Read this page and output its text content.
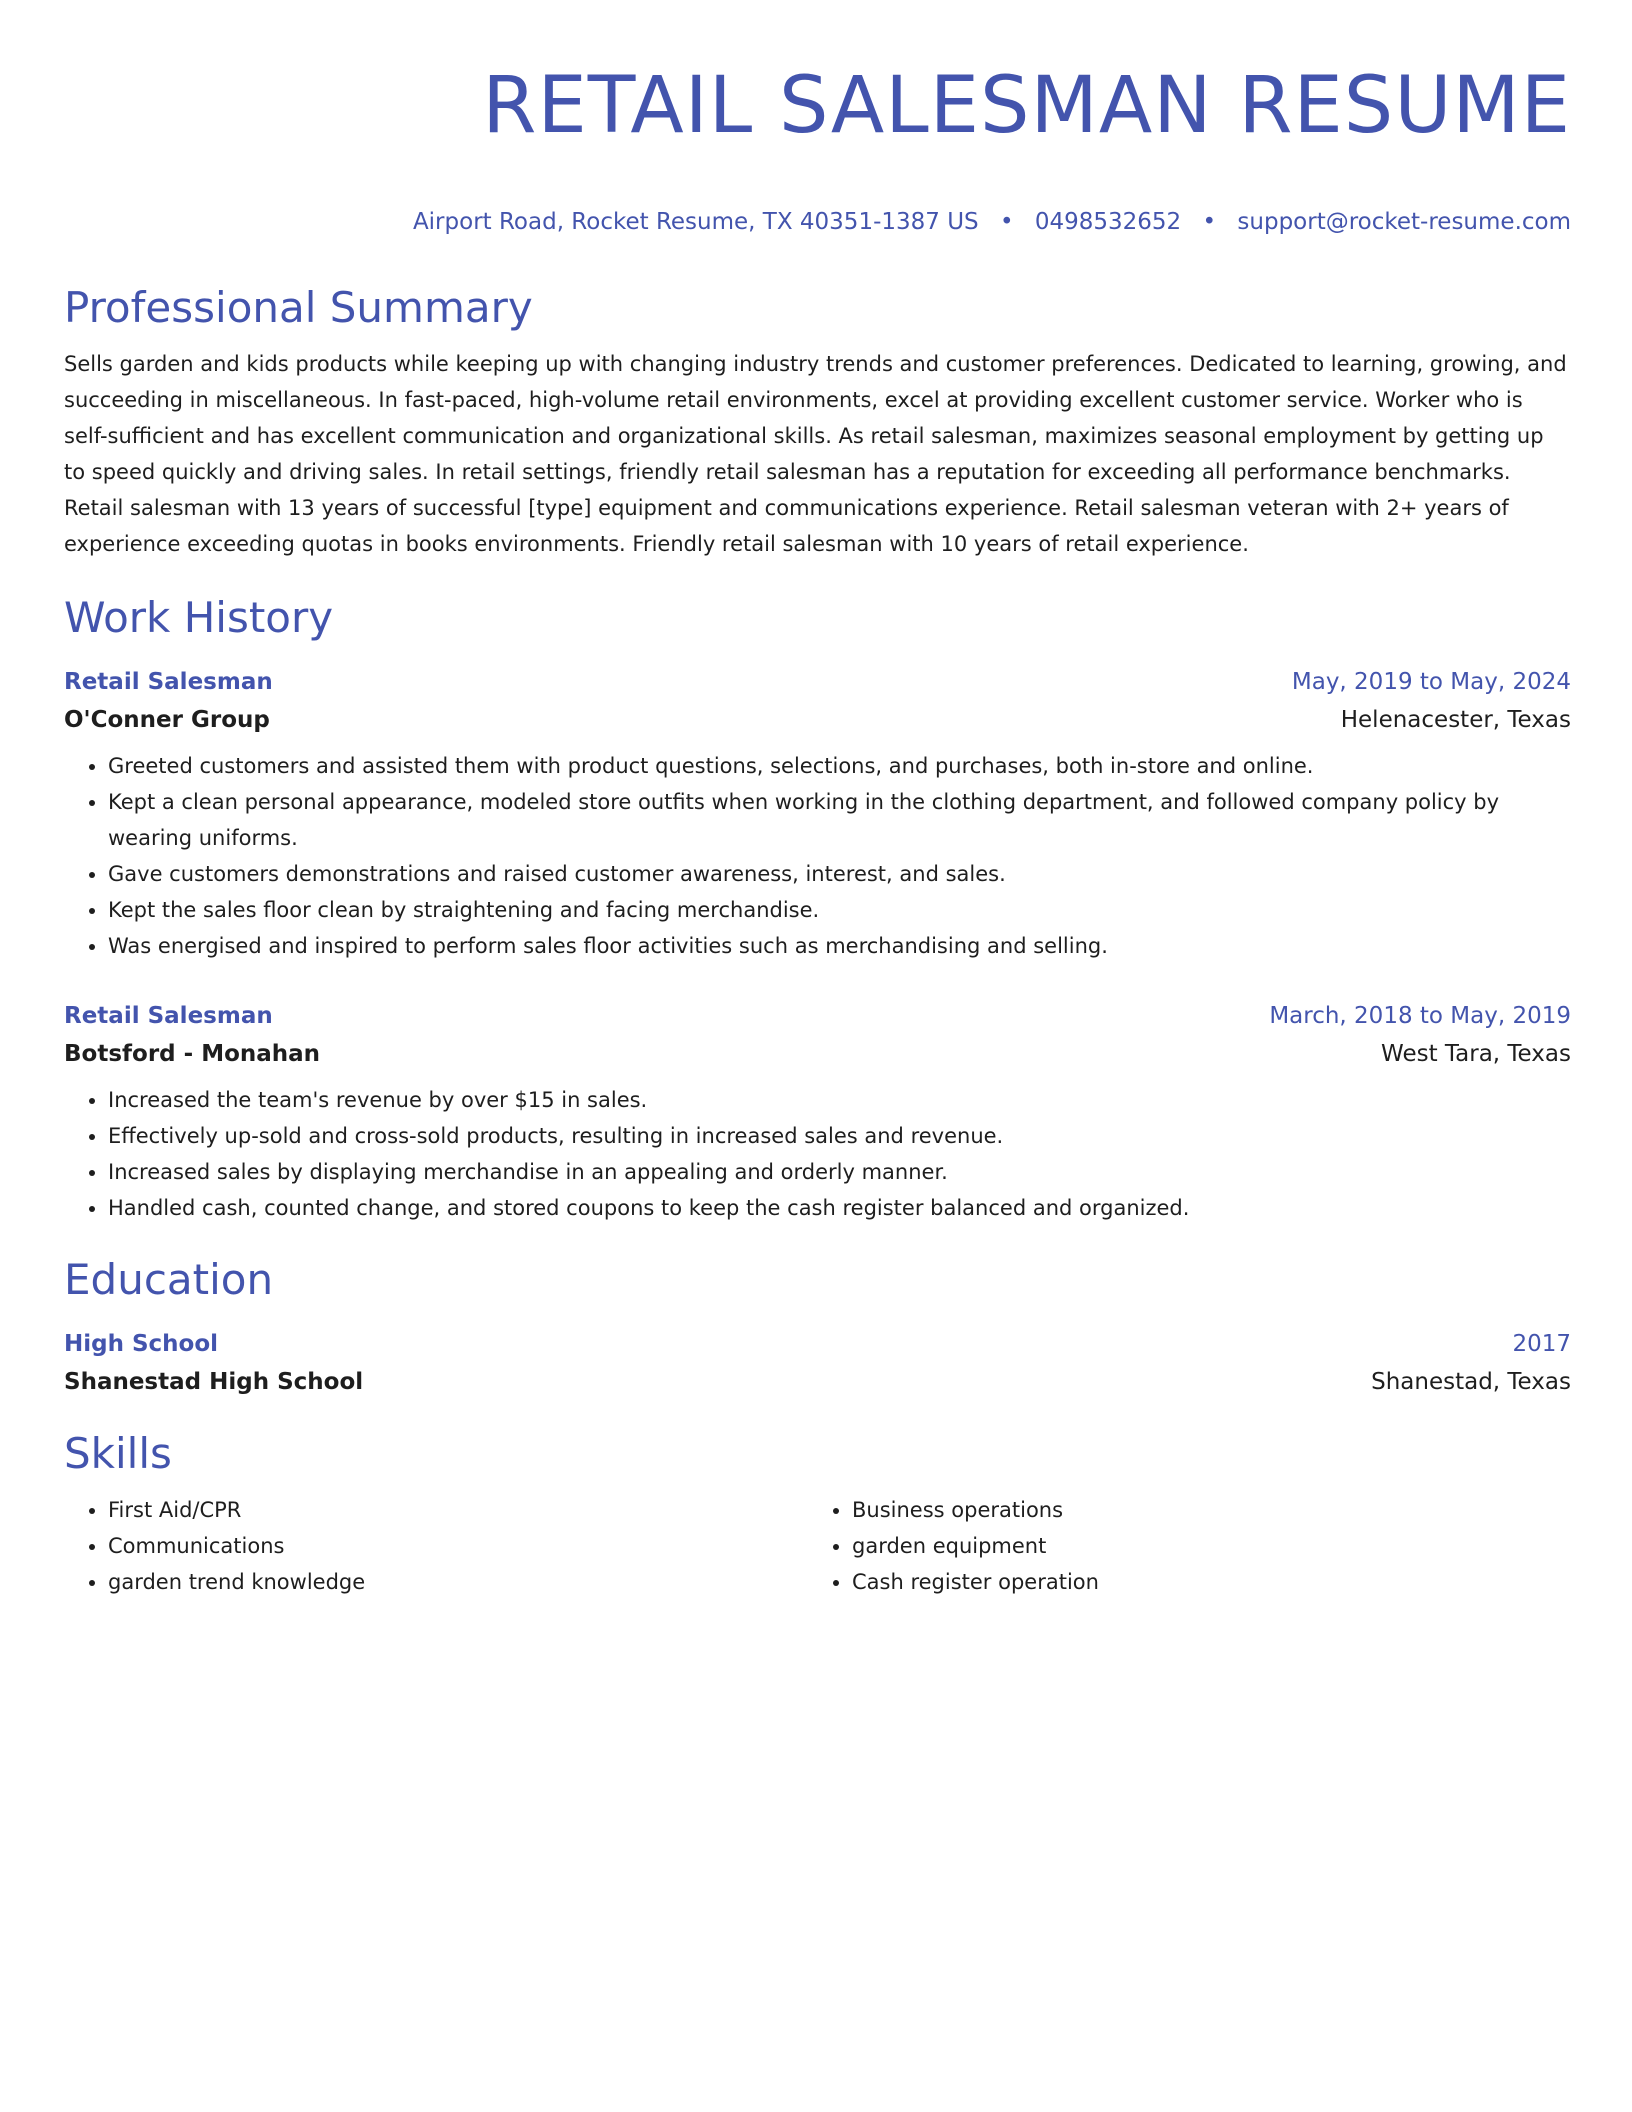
RETAIL SALESMAN RESUME
Airport Road, Rocket Resume, TX 40351-1387 US • 0498532652 • support@rocket-resume.com
Professional Summary
Sells garden and kids products while keeping up with changing industry trends and customer preferences. Dedicated to learning, growing, and succeeding in miscellaneous. In fast-paced, high-volume retail environments, excel at providing excellent customer service. Worker who is self-sufficient and has excellent communication and organizational skills. As retail salesman, maximizes seasonal employment by getting up to speed quickly and driving sales. In retail settings, friendly retail salesman has a reputation for exceeding all performance benchmarks. Retail salesman with 13 years of successful [type] equipment and communications experience. Retail salesman veteran with 2+ years of experience exceeding quotas in books environments. Friendly retail salesman with 10 years of retail experience.
Work History
Retail Salesman	May, 2019 to May, 2024
O'Conner Group	Helenacester, Texas
• Greeted customers and assisted them with product questions, selections, and purchases, both in-store and online.
• Kept a clean personal appearance, modeled store outfits when working in the clothing department, and followed company policy by wearing uniforms.
• Gave customers demonstrations and raised customer awareness, interest, and sales.
• Kept the sales floor clean by straightening and facing merchandise.
• Was energised and inspired to perform sales floor activities such as merchandising and selling.
Retail Salesman	March, 2018 to May, 2019
Botsford - Monahan	West Tara, Texas
• Increased the team's revenue by over $15 in sales.
• Effectively up-sold and cross-sold products, resulting in increased sales and revenue.
• Increased sales by displaying merchandise in an appealing and orderly manner.
• Handled cash, counted change, and stored coupons to keep the cash register balanced and organized.
Education
High School	2017
Shanestad High School	Shanestad, Texas
Skills
• First Aid/CPR
• Communications
• garden trend knowledge
• Business operations
• garden equipment
• Cash register operation
